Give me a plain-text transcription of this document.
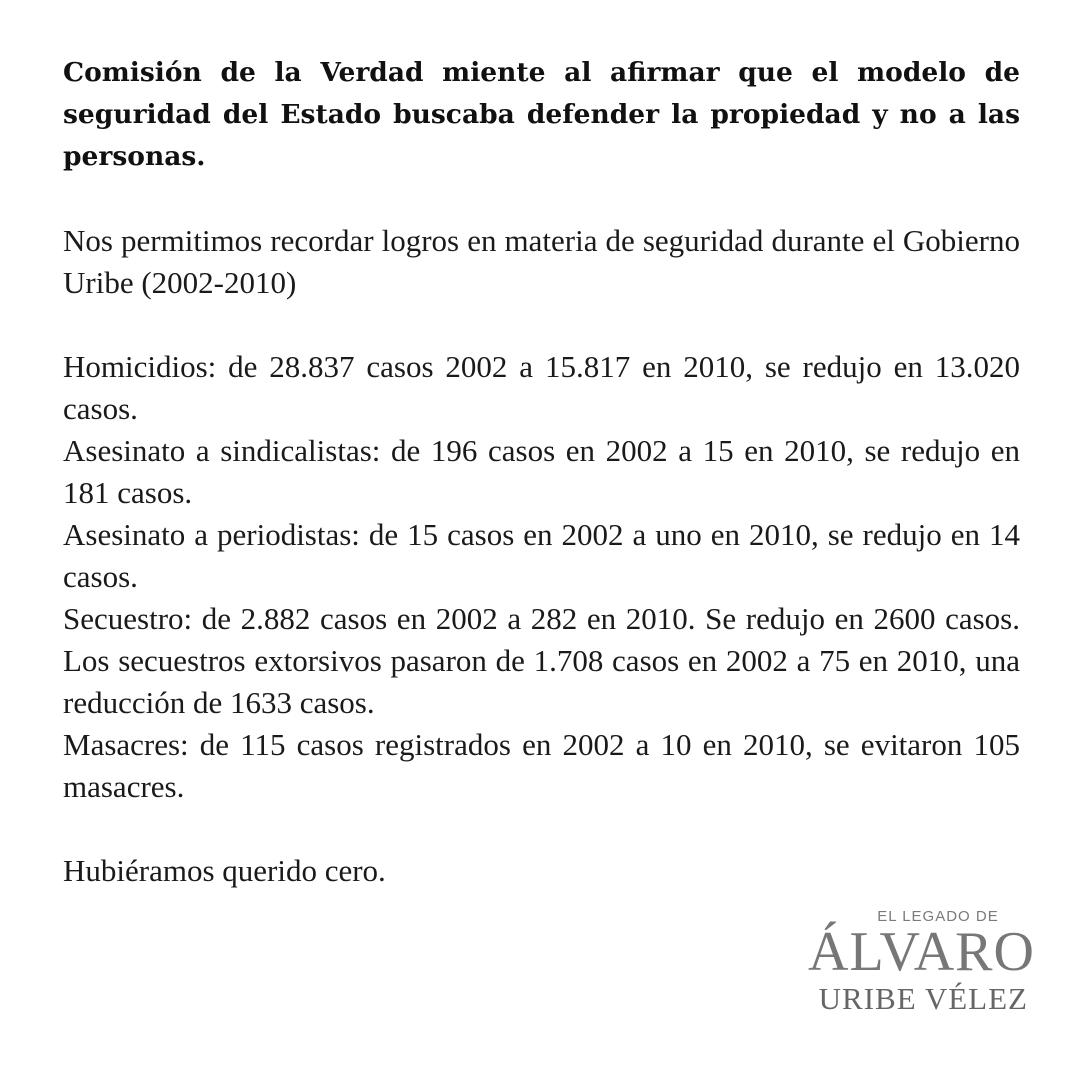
Comisión de la Verdad miente al afirmar que el modelo de seguridad del Estado buscaba defender la propiedad y no a las personas.

Nos permitimos recordar logros en materia de seguridad durante el Gobierno Uribe (2002-2010)

Homicidios: de 28.837 casos 2002 a 15.817 en 2010, se redujo en 13.020 casos.

Asesinato a sindicalistas: de 196 casos en 2002 a 15 en 2010, se redujo en 181 casos.

Asesinato a periodistas: de 15 casos en 2002 a uno en 2010, se redujo en 14 casos.

Secuestro: de 2.882 casos en 2002 a 282 en 2010. Se redujo en 2600 casos. Los secuestros extorsivos pasaron de 1.708 casos en 2002 a 75 en 2010, una reducción de 1633 casos.

Masacres: de 115 casos registrados en 2002 a 10 en 2010, se evitaron 105 masacres.

Hubiéramos querido cero.

EL LEGADO DE
ÁLVARO
URIBE VÉLEZ
